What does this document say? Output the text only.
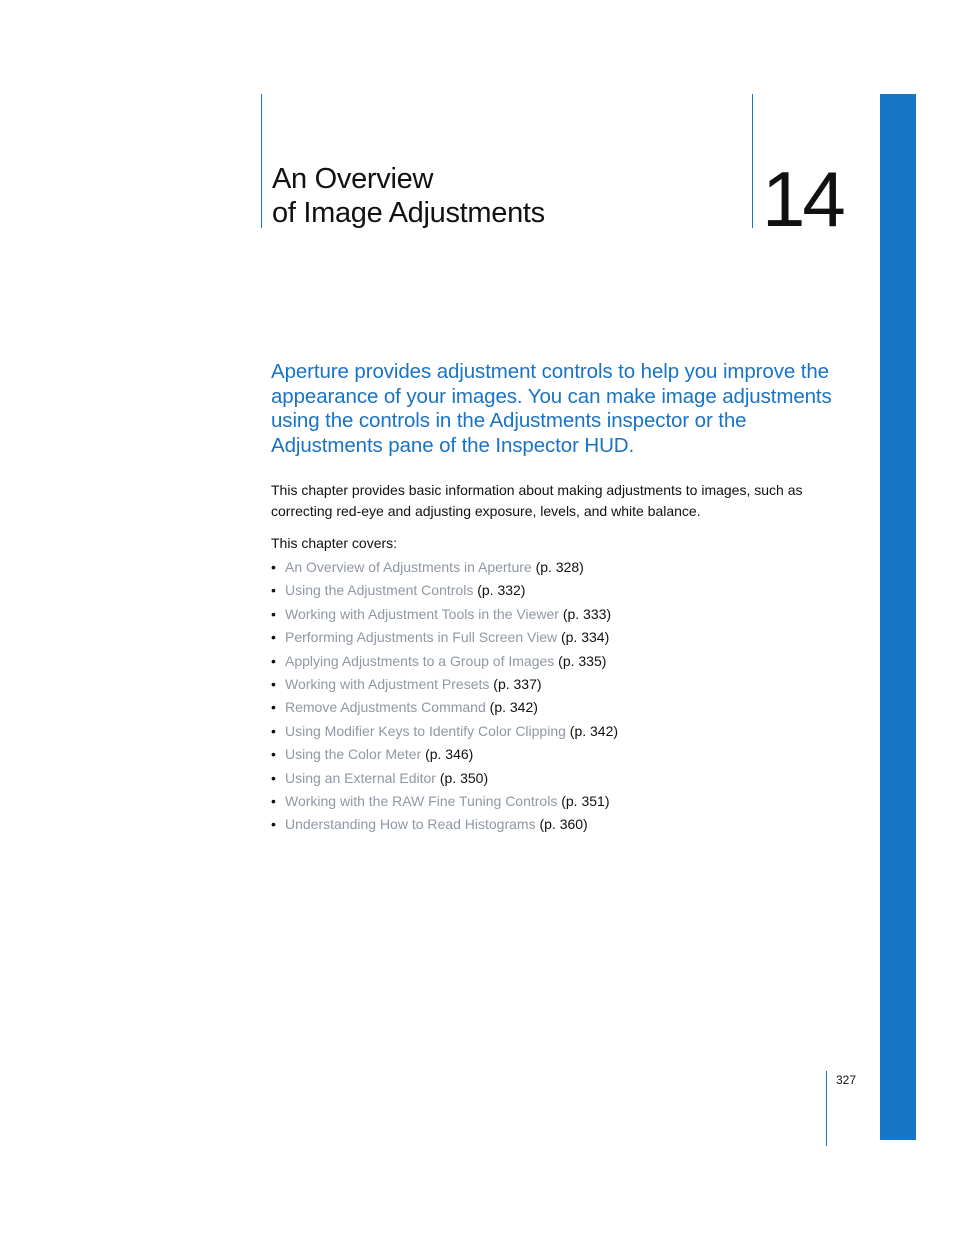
An Overview
of Image Adjustments	14

Aperture provides adjustment controls to help you improve the appearance of your images. You can make image adjustments using the controls in the Adjustments inspector or the Adjustments pane of the Inspector HUD.

This chapter provides basic information about making adjustments to images, such as correcting red-eye and adjusting exposure, levels, and white balance.

This chapter covers:

• An Overview of Adjustments in Aperture (p. 328)
• Using the Adjustment Controls (p. 332)
• Working with Adjustment Tools in the Viewer (p. 333)
• Performing Adjustments in Full Screen View (p. 334)
• Applying Adjustments to a Group of Images (p. 335)
• Working with Adjustment Presets (p. 337)
• Remove Adjustments Command (p. 342)
• Using Modifier Keys to Identify Color Clipping (p. 342)
• Using the Color Meter (p. 346)
• Using an External Editor (p. 350)
• Working with the RAW Fine Tuning Controls (p. 351)
• Understanding How to Read Histograms (p. 360)
327
